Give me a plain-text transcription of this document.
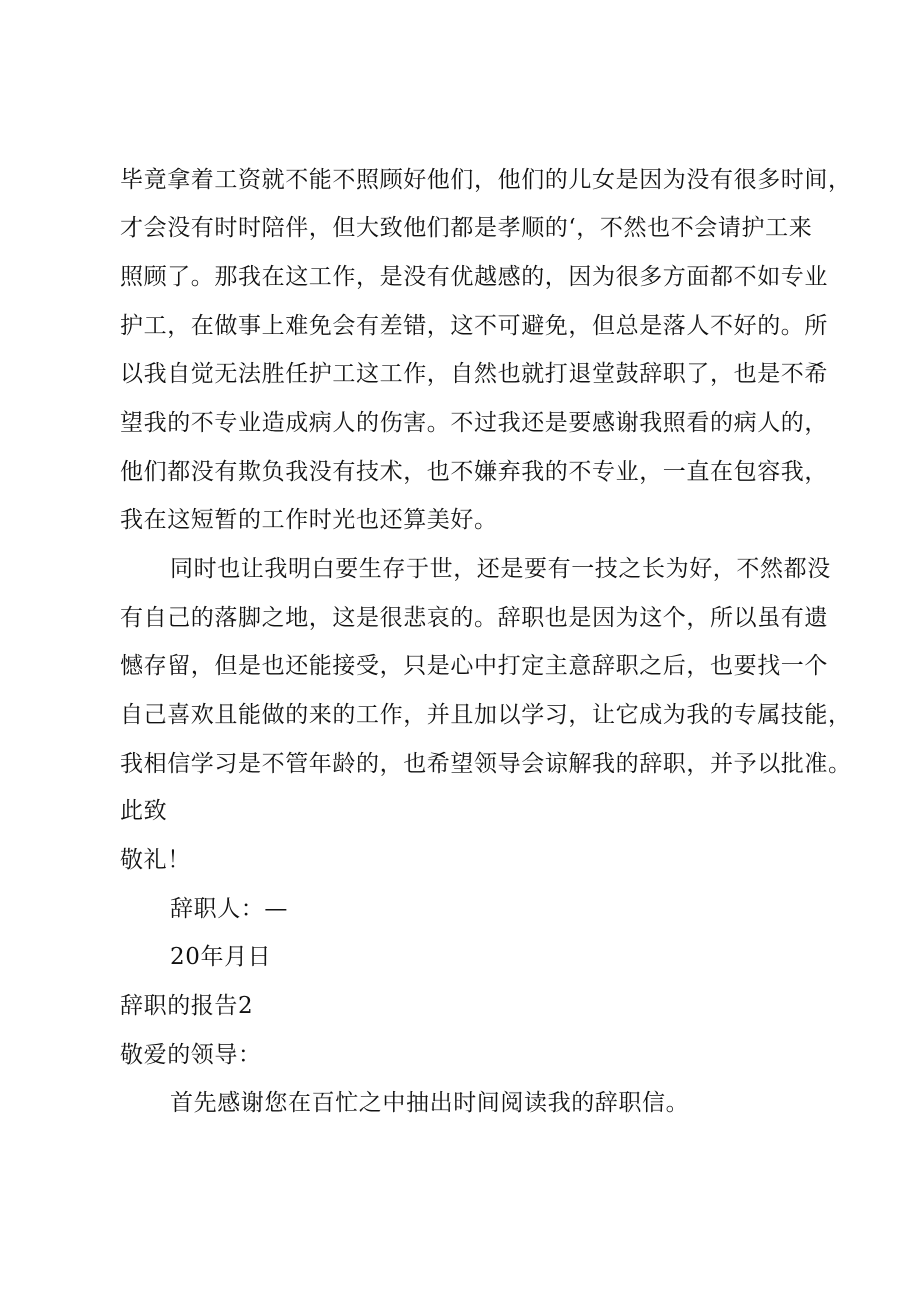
毕竟拿着工资就不能不照顾好他们，他们的儿女是因为没有很多时间，
才会没有时时陪伴，但大致他们都是孝顺的‘，不然也不会请护工来
照顾了。那我在这工作，是没有优越感的，因为很多方面都不如专业
护工，在做事上难免会有差错，这不可避免，但总是落人不好的。所
以我自觉无法胜任护工这工作，自然也就打退堂鼓辞职了，也是不希
望我的不专业造成病人的伤害。不过我还是要感谢我照看的病人的，
他们都没有欺负我没有技术，也不嫌弃我的不专业，一直在包容我，
我在这短暂的工作时光也还算美好。
同时也让我明白要生存于世，还是要有一技之长为好，不然都没
有自己的落脚之地，这是很悲哀的。辞职也是因为这个，所以虽有遗
憾存留，但是也还能接受，只是心中打定主意辞职之后，也要找一个
自己喜欢且能做的来的工作，并且加以学习，让它成为我的专属技能，
我相信学习是不管年龄的，也希望领导会谅解我的辞职，并予以批准。
此致
敬礼！
辞职人：—
20年月日
辞职的报告2
敬爱的领导：
首先感谢您在百忙之中抽出时间阅读我的辞职信。
